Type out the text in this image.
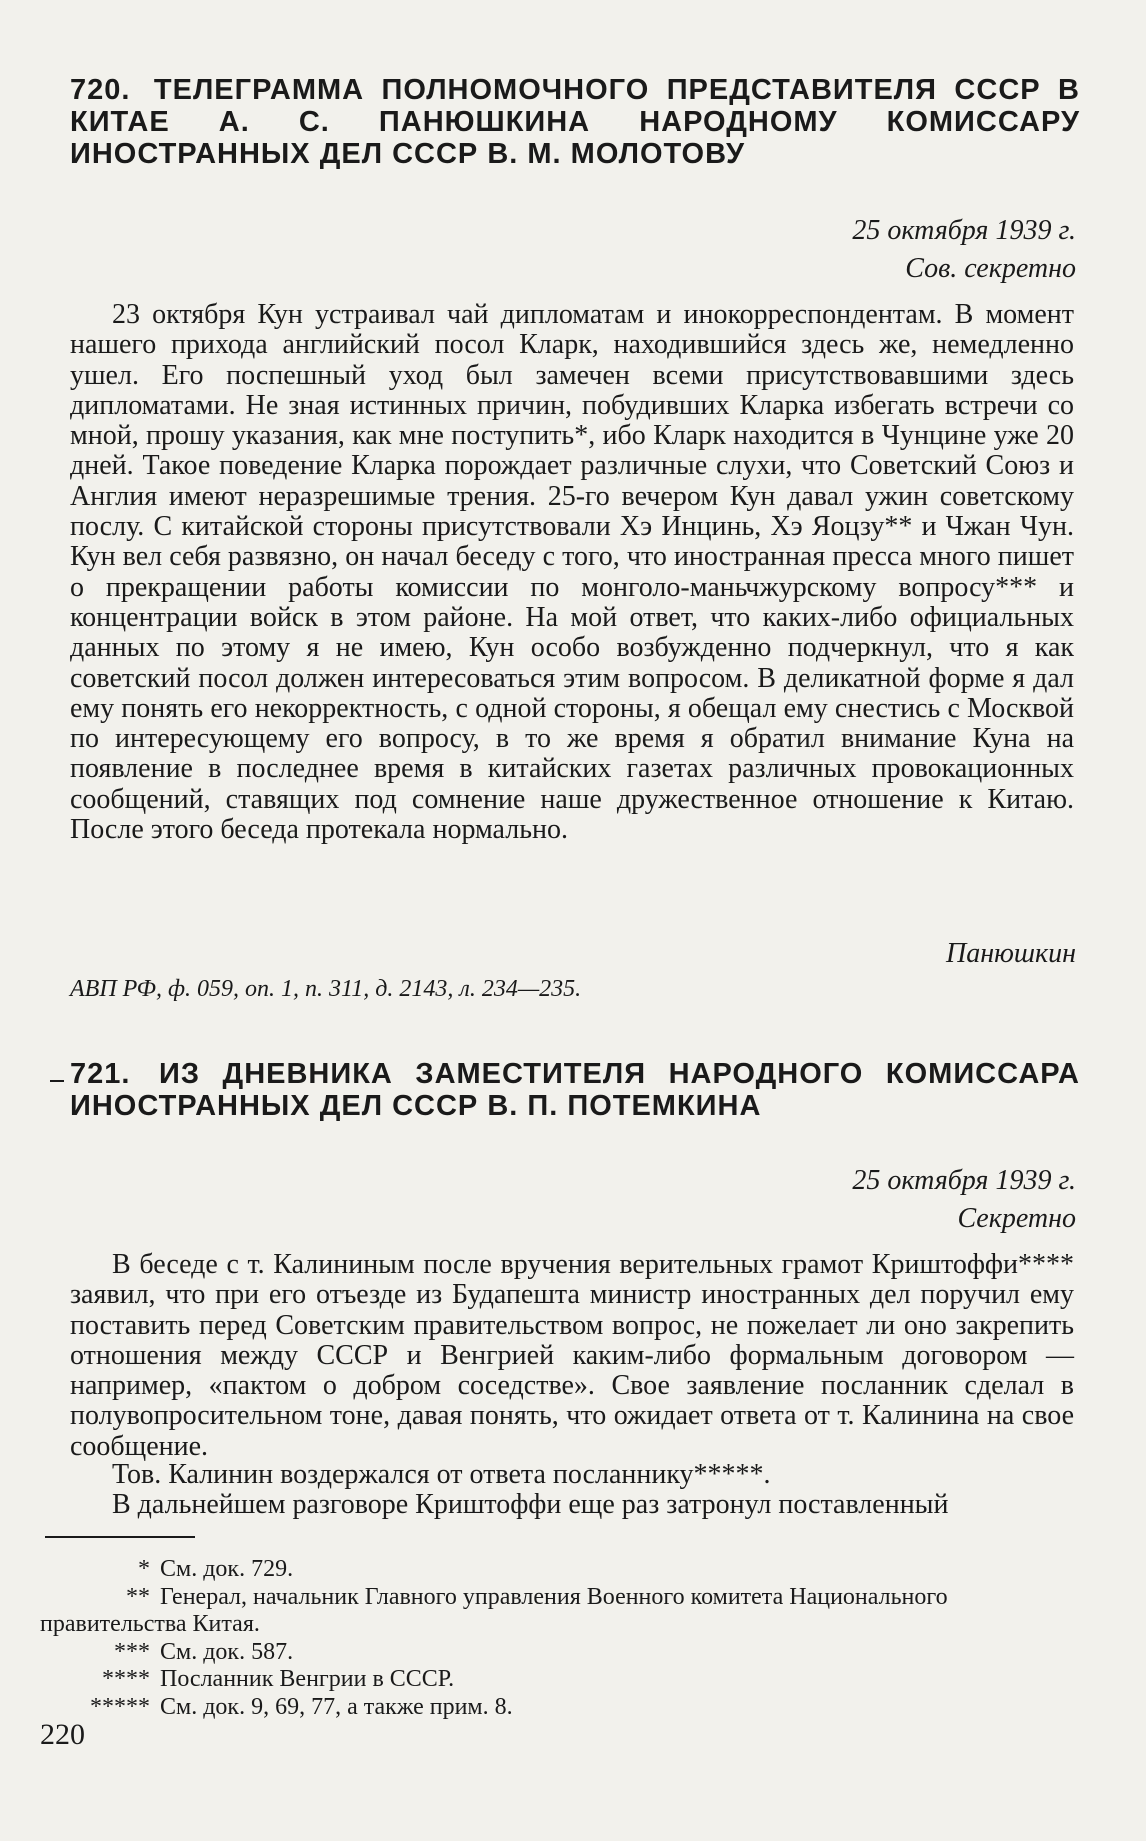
720. ТЕЛЕГРАММА ПОЛНОМОЧНОГО ПРЕДСТАВИТЕЛЯ СССР В КИТАЕ А. С. ПАНЮШКИНА НАРОДНОМУ КОМИССАРУ ИНОСТРАННЫХ ДЕЛ СССР В. М. МОЛОТОВУ
25 октября 1939 г.
Сов. секретно
23 октября Кун устраивал чай дипломатам и инокорреспондентам. В момент нашего прихода английский посол Кларк, находившийся здесь же, немедленно ушел. Его поспешный уход был замечен всеми присутствовавшими здесь дипломатами. Не зная истинных причин, побудивших Кларка избегать встречи со мной, прошу указания, как мне поступить*, ибо Кларк находится в Чунцине уже 20 дней. Такое поведение Кларка порождает различные слухи, что Советский Союз и Англия имеют неразрешимые трения. 25-го вечером Кун давал ужин советскому послу. С китайской стороны присутствовали Хэ Инцинь, Хэ Яоцзу** и Чжан Чун. Кун вел себя развязно, он начал беседу с того, что иностранная пресса много пишет о прекращении работы комиссии по монголо-маньчжурскому вопросу*** и концентрации войск в этом районе. На мой ответ, что каких-либо официальных данных по этому я не имею, Кун особо возбужденно подчеркнул, что я как советский посол должен интересоваться этим вопросом. В деликатной форме я дал ему понять его некорректность, с одной стороны, я обещал ему снестись с Москвой по интересующему его вопросу, в то же время я обратил внимание Куна на появление в последнее время в китайских газетах различных провокационных сообщений, ставящих под сомнение наше дружественное отношение к Китаю. После этого беседа протекала нормально.
Панюшкин
АВП РФ, ф. 059, оп. 1, п. 311, д. 2143, л. 234—235.
721. ИЗ ДНЕВНИКА ЗАМЕСТИТЕЛЯ НАРОДНОГО КОМИССАРА ИНОСТРАННЫХ ДЕЛ СССР В. П. ПОТЕМКИНА
25 октября 1939 г.
Секретно
В беседе с т. Калининым после вручения верительных грамот Криштоффи**** заявил, что при его отъезде из Будапешта министр иностранных дел поручил ему поставить перед Советским правительством вопрос, не пожелает ли оно закрепить отношения между СССР и Венгрией каким-либо формальным договором — например, «пактом о добром соседстве». Свое заявление посланник сделал в полувопросительном тоне, давая понять, что ожидает ответа от т. Калинина на свое сообщение.
Тов. Калинин воздержался от ответа посланнику*****.
В дальнейшем разговоре Криштоффи еще раз затронул поставленный
* См. док. 729.
** Генерал, начальник Главного управления Военного комитета Национального правительства Китая.
*** См. док. 587.
**** Посланник Венгрии в СССР.
***** См. док. 9, 69, 77, а также прим. 8.
220
